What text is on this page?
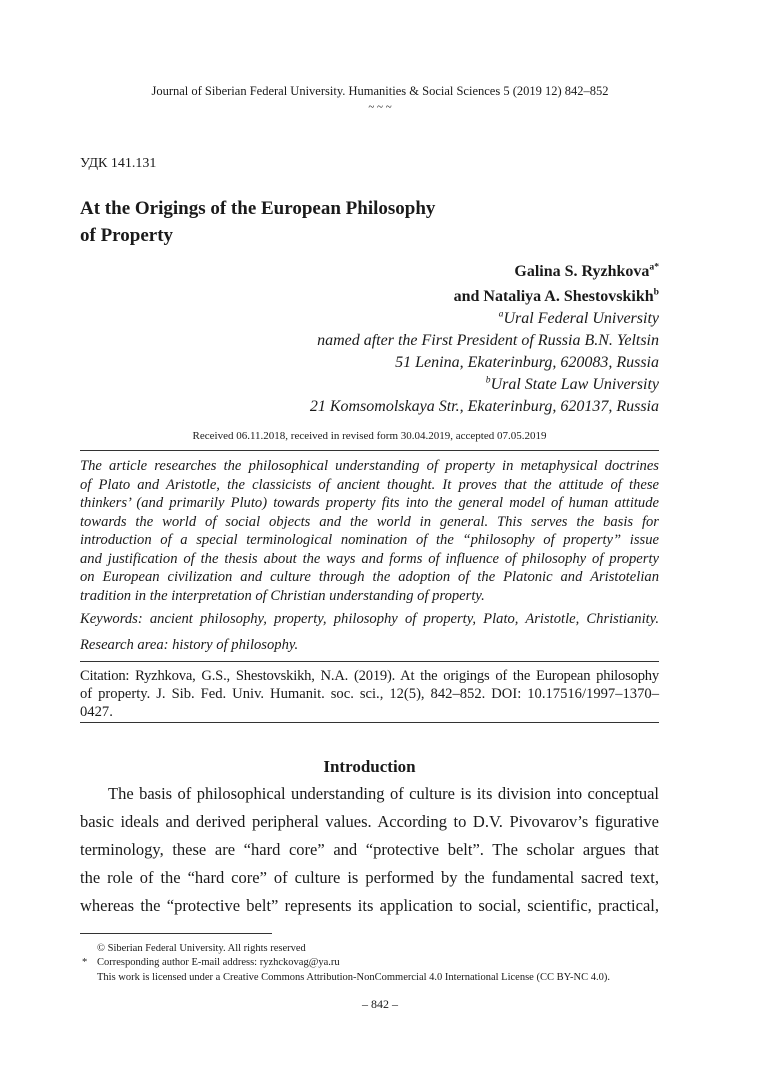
Journal of Siberian Federal University. Humanities & Social Sciences 5 (2019 12) 842–852
~ ~ ~
УДК 141.131
At the Origings of the European Philosophy
of Property
Galina S. Ryzhkova$^{a*}$
and Nataliya A. Shestovskikh$^b$
$^a$Ural Federal University
named after the First President of Russia B.N. Yeltsin
51 Lenina, Ekaterinburg, 620083, Russia
$^b$Ural State Law University
21 Komsomolskaya Str., Ekaterinburg, 620137, Russia
Received 06.11.2018, received in revised form 30.04.2019, accepted 07.05.2019
The article researches the philosophical understanding of property in metaphysical doctrines
of Plato and Aristotle, the classicists of ancient thought. It proves that the attitude of these
thinkers’ (and primarily Pluto) towards property fits into the general model of human attitude
towards the world of social objects and the world in general. This serves the basis for
introduction of a special terminological nomination of the “philosophy of property” issue
and justification of the thesis about the ways and forms of influence of philosophy of property
on European civilization and culture through the adoption of the Platonic and Aristotelian
tradition in the interpretation of Christian understanding of property.
Keywords: ancient philosophy, property, philosophy of property, Plato, Aristotle, Christianity.
Research area: history of philosophy.
Citation: Ryzhkova, G.S., Shestovskikh, N.A. (2019). At the origings of the European philosophy
of property. J. Sib. Fed. Univ. Humanit. soc. sci., 12(5), 842–852. DOI: 10.17516/1997–1370–
0427.
Introduction
The basis of philosophical understanding of culture is its division into conceptual
basic ideals and derived peripheral values. According to D.V. Pivovarov’s figurative
terminology, these are “hard core” and “protective belt”. The scholar argues that
the role of the “hard core” of culture is performed by the fundamental sacred text,
whereas the “protective belt” represents its application to social, scientific, practical,
© Siberian Federal University. All rights reserved
* Corresponding author E-mail address: ryzhckovag@ya.ru
This work is licensed under a Creative Commons Attribution-NonCommercial 4.0 International License (CC BY-NC 4.0).
– 842 –
